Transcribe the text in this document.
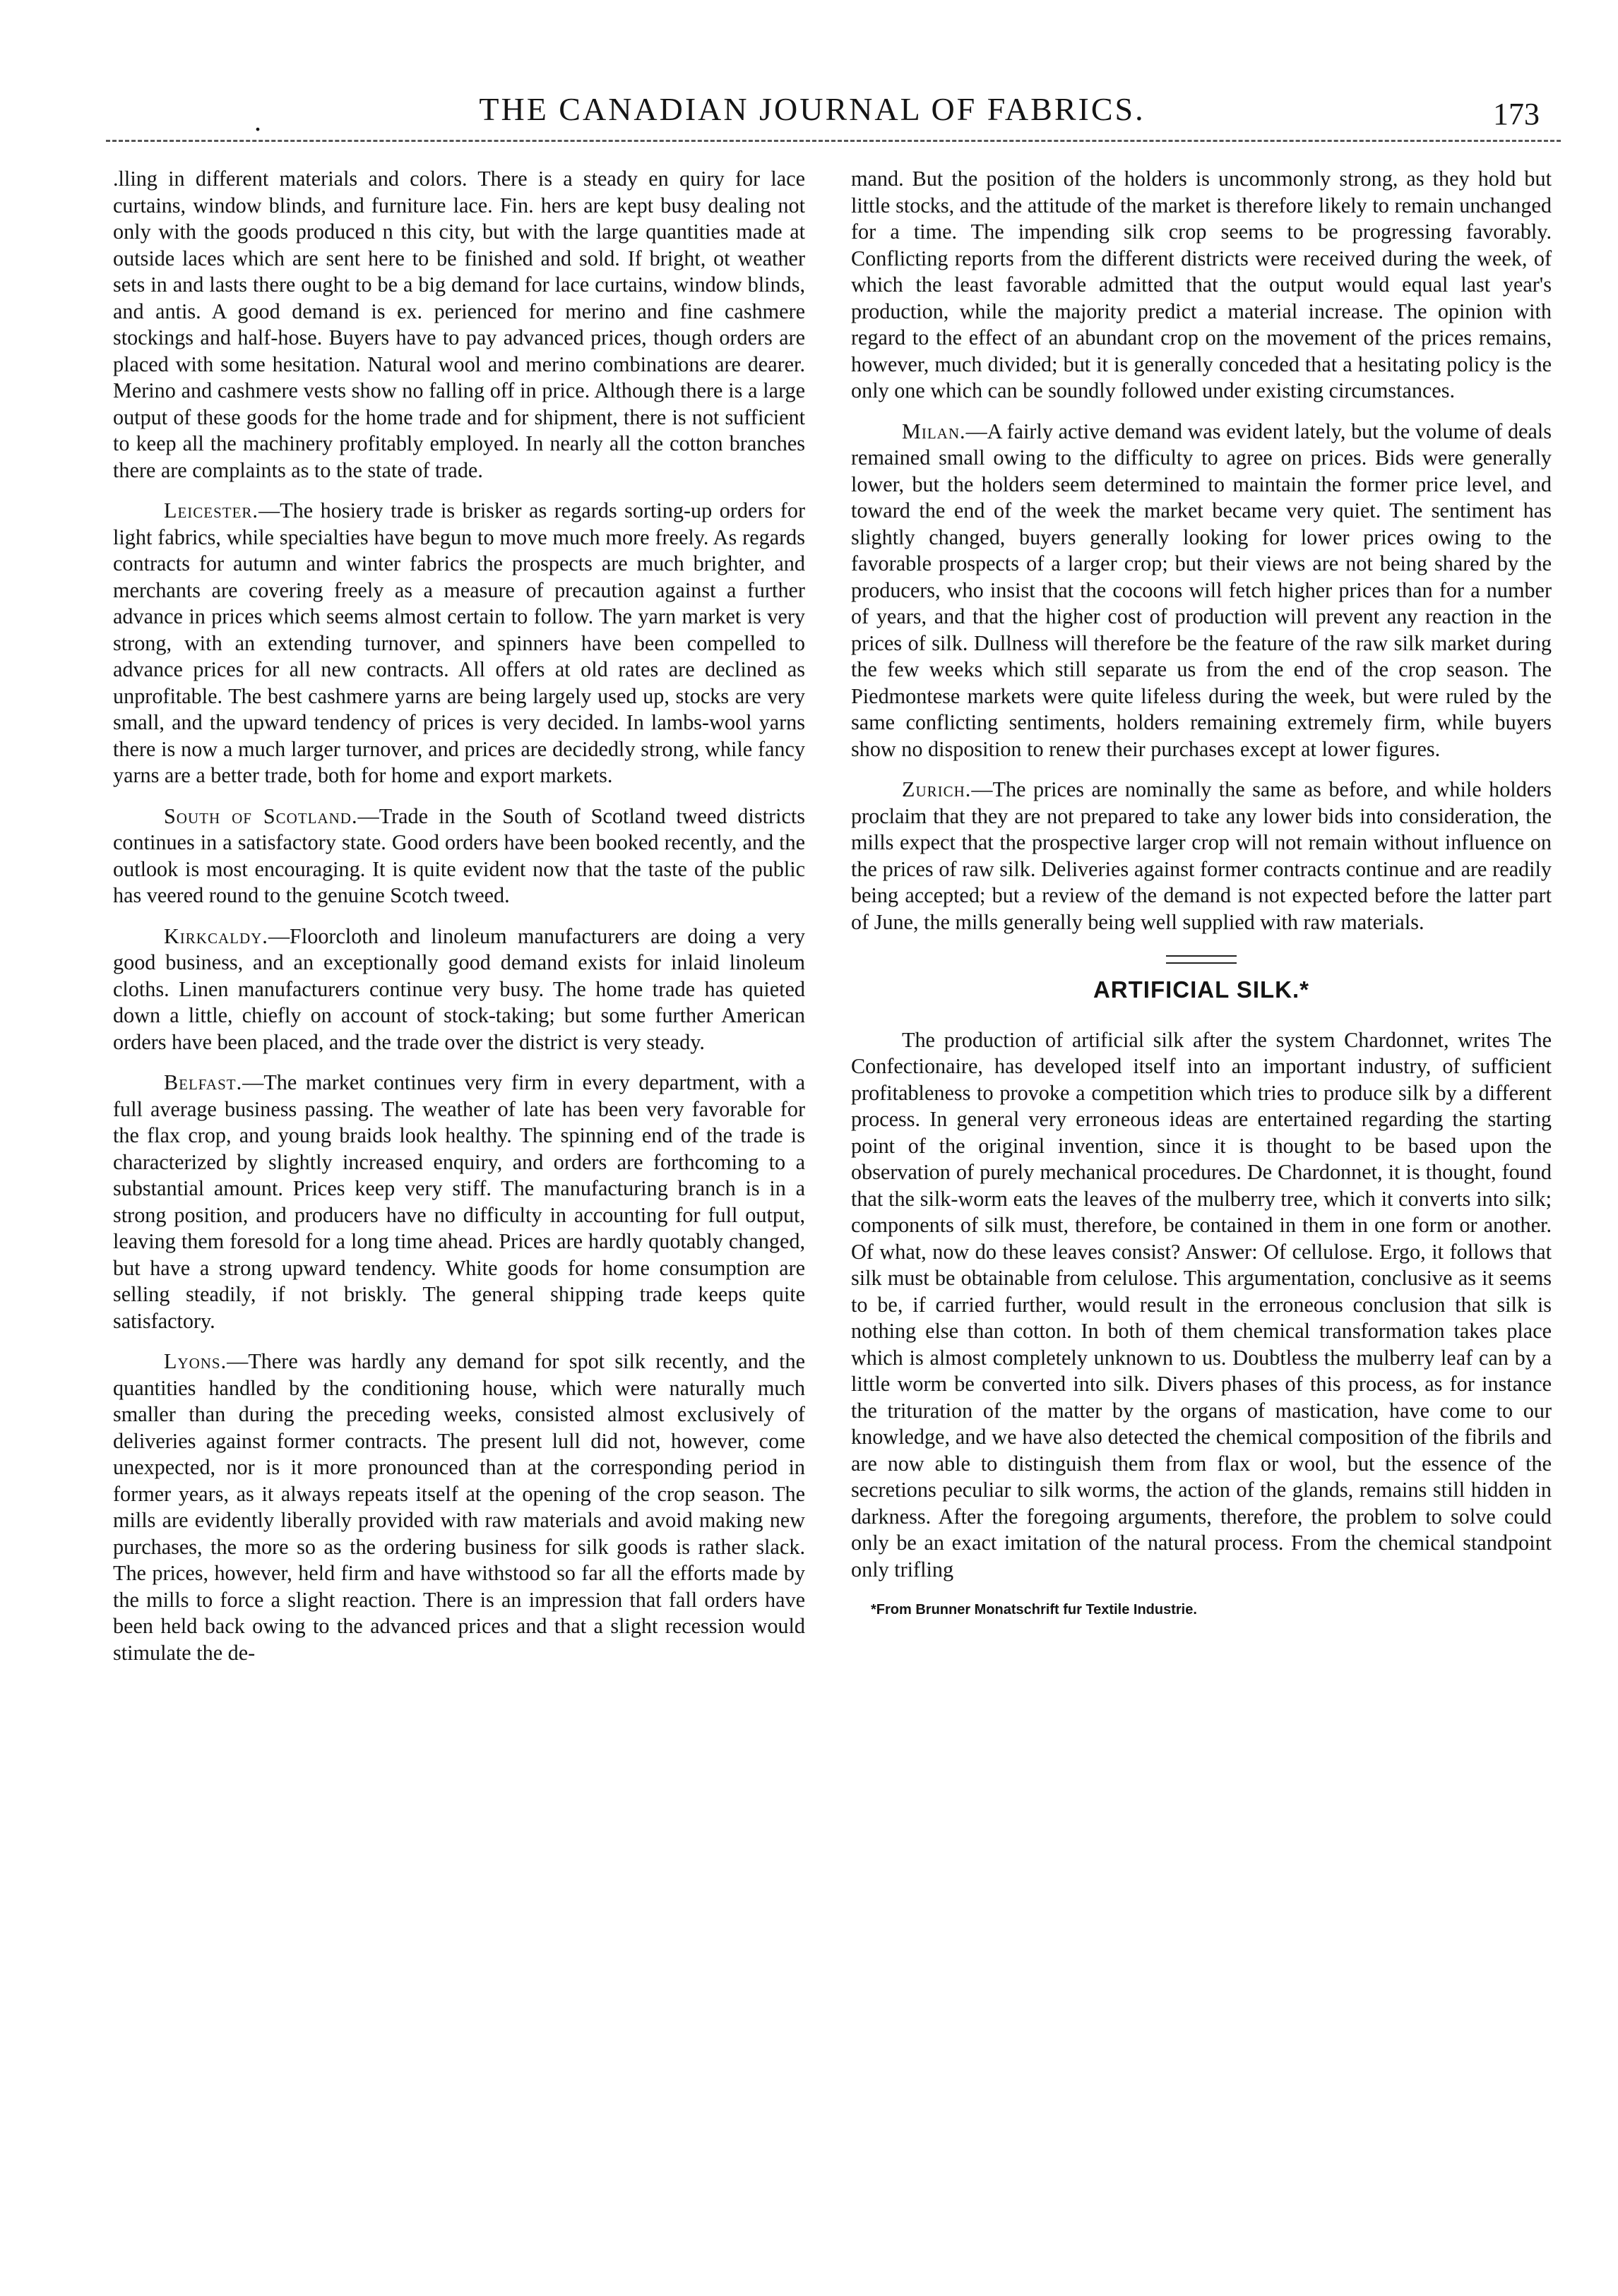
.	THE CANADIAN JOURNAL OF FABRICS.	173

.lling in different materials and colors. There is a steady en quiry for lace curtains, window blinds, and furniture lace. Fin. hers are kept busy dealing not only with the goods produced n this city, but with the large quantities made at outside laces which are sent here to be finished and sold. If bright, ot weather sets in and lasts there ought to be a big demand for lace curtains, window blinds, and antis. A good demand is ex. perienced for merino and fine cashmere stockings and half-hose. Buyers have to pay advanced prices, though orders are placed with some hesitation. Natural wool and merino combinations are dearer. Merino and cashmere vests show no falling off in price. Although there is a large output of these goods for the home trade and for shipment, there is not sufficient to keep all the machinery profitably employed. In nearly all the cotton branches there are complaints as to the state of trade.

Leicester.—The hosiery trade is brisker as regards sorting-up orders for light fabrics, while specialties have begun to move much more freely. As regards contracts for autumn and winter fabrics the prospects are much brighter, and merchants are covering freely as a measure of precaution against a further advance in prices which seems almost certain to follow. The yarn market is very strong, with an extending turnover, and spinners have been compelled to advance prices for all new contracts. All offers at old rates are declined as unprofitable. The best cashmere yarns are being largely used up, stocks are very small, and the upward tendency of prices is very decided. In lambs-wool yarns there is now a much larger turnover, and prices are decidedly strong, while fancy yarns are a better trade, both for home and export markets.

South of Scotland.—Trade in the South of Scotland tweed districts continues in a satisfactory state. Good orders have been booked recently, and the outlook is most encouraging. It is quite evident now that the taste of the public has veered round to the genuine Scotch tweed.

Kirkcaldy.—Floorcloth and linoleum manufacturers are doing a very good business, and an exceptionally good demand exists for inlaid linoleum cloths. Linen manufacturers continue very busy. The home trade has quieted down a little, chiefly on account of stock-taking; but some further American orders have been placed, and the trade over the district is very steady.

Belfast.—The market continues very firm in every department, with a full average business passing. The weather of late has been very favorable for the flax crop, and young braids look healthy. The spinning end of the trade is characterized by slightly increased enquiry, and orders are forthcoming to a substantial amount. Prices keep very stiff. The manufacturing branch is in a strong position, and producers have no difficulty in accounting for full output, leaving them foresold for a long time ahead. Prices are hardly quotably changed, but have a strong upward tendency. White goods for home consumption are selling steadily, if not briskly. The general shipping trade keeps quite satisfactory.

Lyons.—There was hardly any demand for spot silk recently, and the quantities handled by the conditioning house, which were naturally much smaller than during the preceding weeks, consisted almost exclusively of deliveries against former contracts. The present lull did not, however, come unexpected, nor is it more pronounced than at the corresponding period in former years, as it always repeats itself at the opening of the crop season. The mills are evidently liberally provided with raw materials and avoid making new purchases, the more so as the ordering business for silk goods is rather slack. The prices, however, held firm and have withstood so far all the efforts made by the mills to force a slight reaction. There is an impression that fall orders have been held back owing to the advanced prices and that a slight recession would stimulate the de-

mand. But the position of the holders is uncommonly strong, as they hold but little stocks, and the attitude of the market is therefore likely to remain unchanged for a time. The impending silk crop seems to be progressing favorably. Conflicting reports from the different districts were received during the week, of which the least favorable admitted that the output would equal last year's production, while the majority predict a material increase. The opinion with regard to the effect of an abundant crop on the movement of the prices remains, however, much divided; but it is generally conceded that a hesitating policy is the only one which can be soundly followed under existing circumstances.

Milan.—A fairly active demand was evident lately, but the volume of deals remained small owing to the difficulty to agree on prices. Bids were generally lower, but the holders seem determined to maintain the former price level, and toward the end of the week the market became very quiet. The sentiment has slightly changed, buyers generally looking for lower prices owing to the favorable prospects of a larger crop; but their views are not being shared by the producers, who insist that the cocoons will fetch higher prices than for a number of years, and that the higher cost of production will prevent any reaction in the prices of silk. Dullness will therefore be the feature of the raw silk market during the few weeks which still separate us from the end of the crop season. The Piedmontese markets were quite lifeless during the week, but were ruled by the same conflicting sentiments, holders remaining extremely firm, while buyers show no disposition to renew their purchases except at lower figures.

Zurich.—The prices are nominally the same as before, and while holders proclaim that they are not prepared to take any lower bids into consideration, the mills expect that the prospective larger crop will not remain without influence on the prices of raw silk. Deliveries against former contracts continue and are readily being accepted; but a review of the demand is not expected before the latter part of June, the mills generally being well supplied with raw materials.

ARTIFICIAL SILK.*

The production of artificial silk after the system Chardonnet, writes The Confectionaire, has developed itself into an important industry, of sufficient profitableness to provoke a competition which tries to produce silk by a different process. In general very erroneous ideas are entertained regarding the starting point of the original invention, since it is thought to be based upon the observation of purely mechanical procedures. De Chardonnet, it is thought, found that the silk-worm eats the leaves of the mulberry tree, which it converts into silk; components of silk must, therefore, be contained in them in one form or another. Of what, now do these leaves consist? Answer: Of cellulose. Ergo, it follows that silk must be obtainable from celulose. This argumentation, conclusive as it seems to be, if carried further, would result in the erroneous conclusion that silk is nothing else than cotton. In both of them chemical transformation takes place which is almost completely unknown to us. Doubtless the mulberry leaf can by a little worm be converted into silk. Divers phases of this process, as for instance the trituration of the matter by the organs of mastication, have come to our knowledge, and we have also detected the chemical composition of the fibrils and are now able to distinguish them from flax or wool, but the essence of the secretions peculiar to silk worms, the action of the glands, remains still hidden in darkness. After the foregoing arguments, therefore, the problem to solve could only be an exact imitation of the natural process. From the chemical standpoint only trifling

*From Brunner Monatschrift fur Textile Industrie.
